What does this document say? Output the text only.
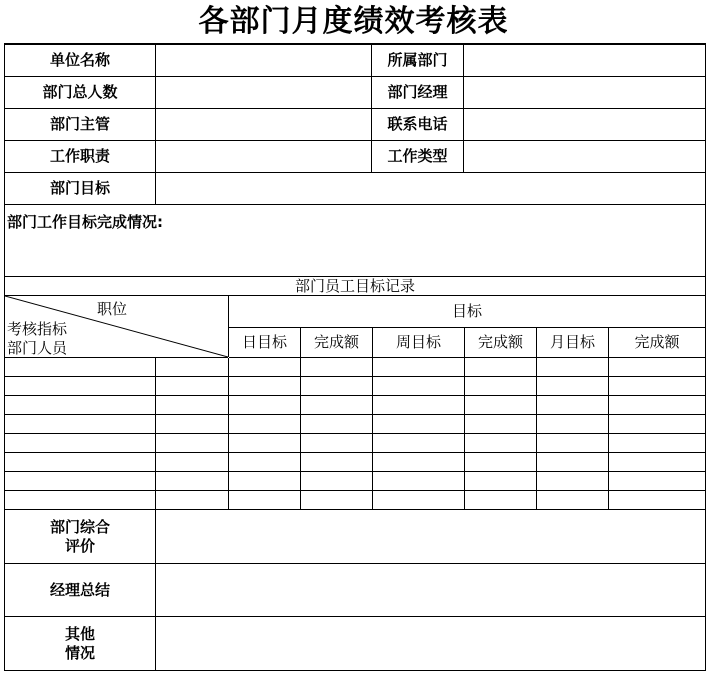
各部门月度绩效考核表
单位名称	所属部门
部门总人数	部门经理
部门主管	联系电话
工作职责	工作类型
部门目标
部门工作目标完成情况:
部门员工目标记录
职位
考核指标
部门人员
目标
日目标	完成额	周目标	完成额	月目标	完成额
部门综合
评价
经理总结
其他
情况
